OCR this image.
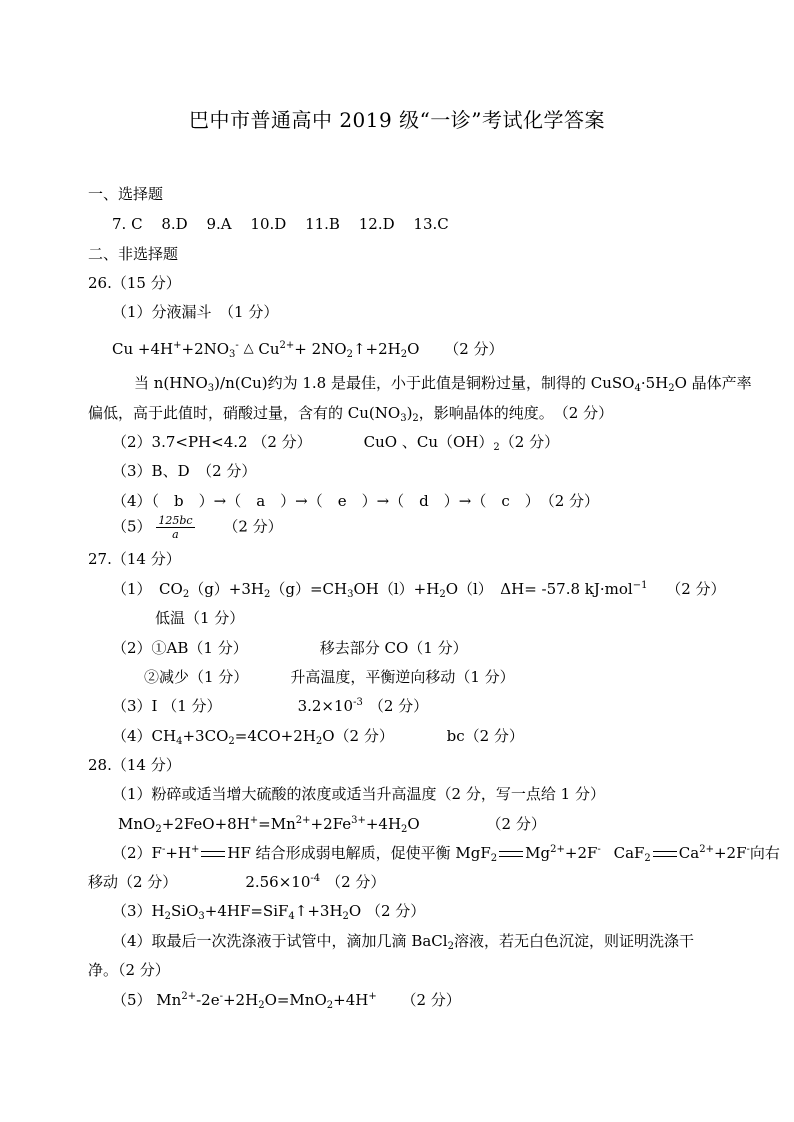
巴中市普通高中 2019 级“一诊”考试化学答案
一、选择题
7. C 8.D 9.A 10.D 11.B 12.D 13.C
二、非选择题
26.（15 分）
（1）分液漏斗　（1 分）
$Cu +4H^++2NO_3^-$ △ $Cu^{2+}+$ $2NO_2↑+2H_2O$ （2 分）
当 $n(HNO_3)/n(Cu)$约为 1.8 是最佳，小于此值是铜粉过量，制得的 $CuSO_4\cdot 5H_2O$ 晶体产率
偏低，高于此值时，硝酸过量，含有的 $Cu(NO_3)_2$，影响晶体的纯度。　（2 分）
（2）3.7<PH<4.2 （2 分）	CuO 、$Cu(OH)_2(2$ 分）
（3）B、D　（2 分）
（4）（　b　）→（　a　）→（　e　）→（　d　）→（　c　）　（2 分）
$(5) \frac{125bc}{a} (2$ 分）
27.（14 分）
（1）　$CO_2(g)+3H_2(g)=CH_3OH(l)+H_2O(l)$　ΔH= -57.8 kJ·mol$^{-1}$ （2 分）
低温（1 分）
（2）①AB（1 分）	移去部分 CO（1 分）
②减少（1 分）	升高温度，平衡逆向移动（1 分）
（3）I （1 分）	$3.2\times 10^{-3}$ （2 分）
$(4)CH_4+3CO_2=4CO+2H_2O(2$ 分）	bc（2 分）
28.（14 分）
（1）粉碎或适当增大硫酸的浓度或适当升高温度（2 分，写一点给 1 分）
$MnO_2+2FeO+8H^+=Mn^{2+}+2Fe^{3+}+4H_2O$	（2 分）
（2）F-+H+ HF 结合形成弱电解质，促使平衡 MgF$_2$ $Mg^{2+}+2F^-$ CaF$_2$ $Ca^{2+}+2F^-$向右
移动（2 分）	$2.56\times 10^{-4}$ （2 分）
$(3)H_2SiO_3+4HF=SiF_4↑+3H_2O$ （2 分）
（4）取最后一次洗涤液于试管中，滴加几滴 BaCl$_2$溶液，若无白色沉淀，则证明洗涤干
净。（2 分）
（5） $Mn^{2+}-2e^-+2H_2O=MnO_2+4H^+$ （2 分）
